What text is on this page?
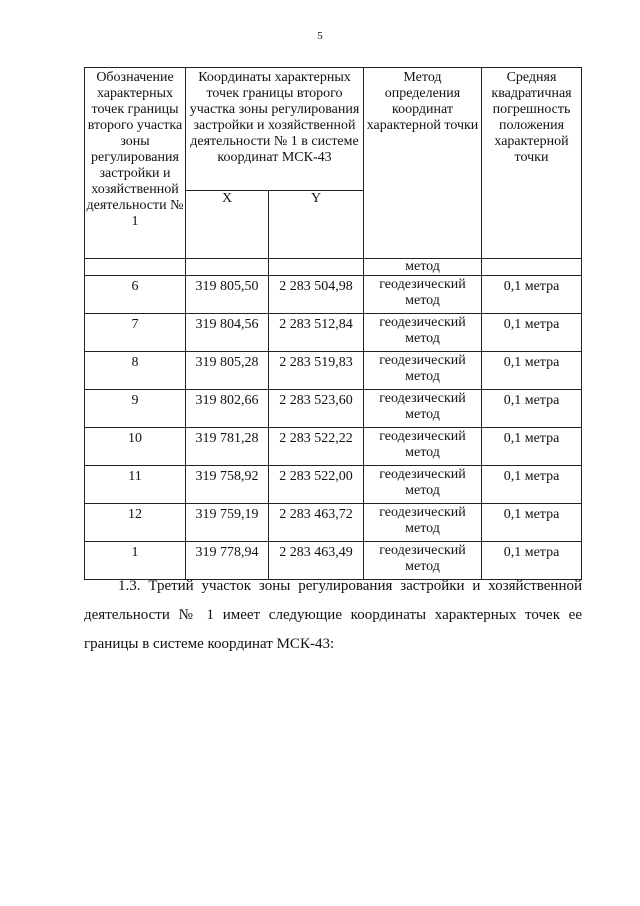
5
Обозначение характерных точек границы второго участка зоны регулирования застройки и хозяйственной деятельности № 1	Координаты характерных точек границы второго участка зоны регулирования застройки и хозяйственной деятельности № 1 в системе координат МСК-43		Метод определения координат характерной точки	Средняя квадратичная погрешность положения характерной точки
	X	Y		
			метод	
6	319 805,50	2 283 504,98	геодезический метод	0,1 метра
7	319 804,56	2 283 512,84	геодезический метод	0,1 метра
8	319 805,28	2 283 519,83	геодезический метод	0,1 метра
9	319 802,66	2 283 523,60	геодезический метод	0,1 метра
10	319 781,28	2 283 522,22	геодезический метод	0,1 метра
11	319 758,92	2 283 522,00	геодезический метод	0,1 метра
12	319 759,19	2 283 463,72	геодезический метод	0,1 метра
1	319 778,94	2 283 463,49	геодезический метод	0,1 метра
1.3. Третий участок зоны регулирования застройки и хозяйственной деятельности № 1 имеет следующие координаты характерных точек ее границы в системе координат МСК-43:
